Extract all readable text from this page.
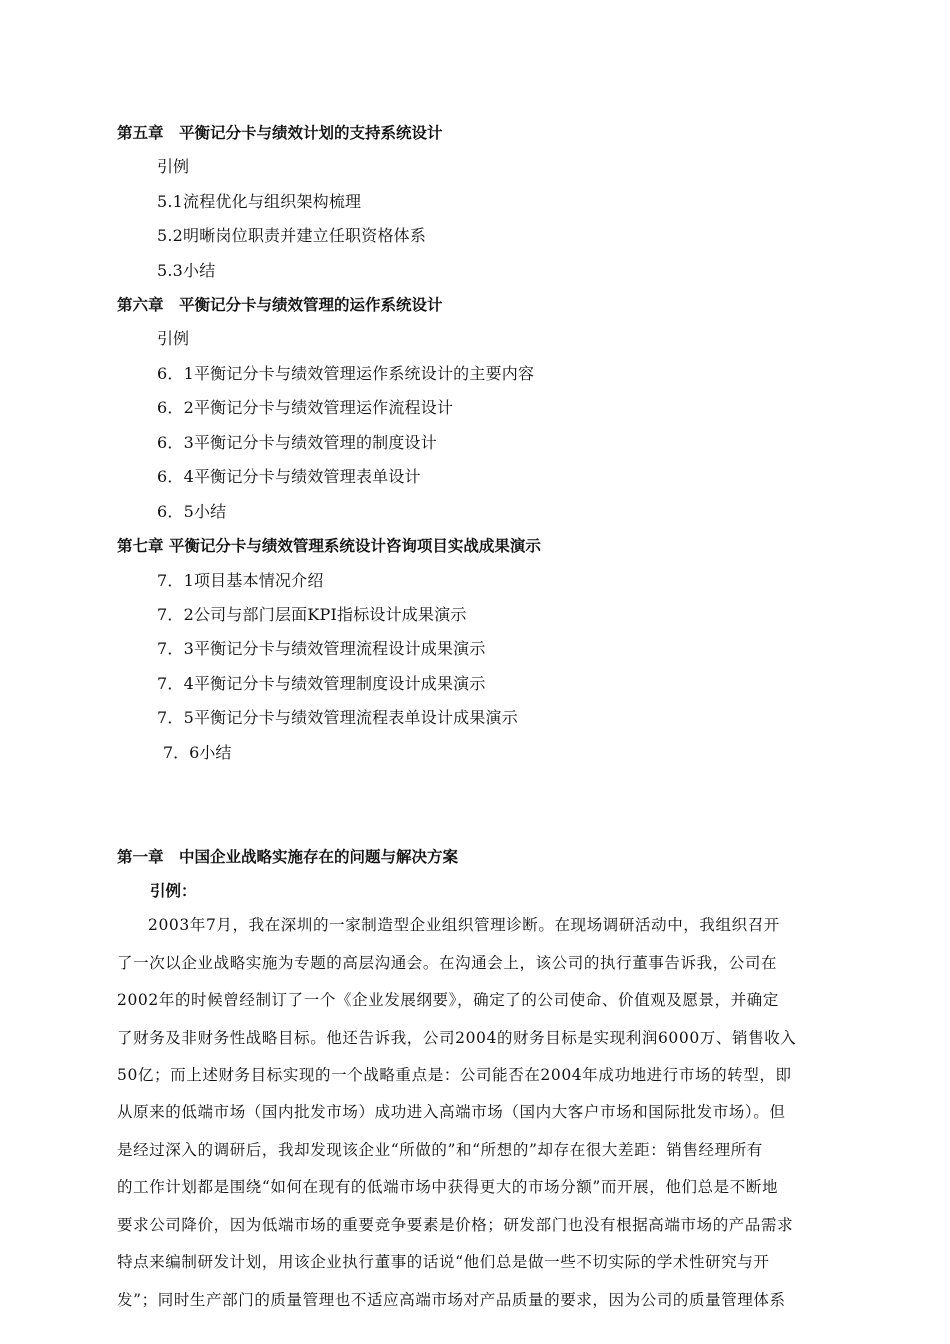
第五章　平衡记分卡与绩效计划的支持系统设计
引例
5.1流程优化与组织架构梳理
5.2明晰岗位职责并建立任职资格体系
5.3小结
第六章　平衡记分卡与绩效管理的运作系统设计
引例
6．1平衡记分卡与绩效管理运作系统设计的主要内容
6．2平衡记分卡与绩效管理运作流程设计
6．3平衡记分卡与绩效管理的制度设计
6．4平衡记分卡与绩效管理表单设计
6．5小结
第七章 平衡记分卡与绩效管理系统设计咨询项目实战成果演示
7．1项目基本情况介绍
7．2公司与部门层面KPI指标设计成果演示
7．3平衡记分卡与绩效管理流程设计成果演示
7．4平衡记分卡与绩效管理制度设计成果演示
7．5平衡记分卡与绩效管理流程表单设计成果演示
7．6小结
第一章　中国企业战略实施存在的问题与解决方案
引例：
2003年7月，我在深圳的一家制造型企业组织管理诊断。在现场调研活动中，我组织召开
了一次以企业战略实施为专题的高层沟通会。在沟通会上，该公司的执行董事告诉我，公司在
2002年的时候曾经制订了一个《企业发展纲要》，确定了的公司使命、价值观及愿景，并确定
了财务及非财务性战略目标。他还告诉我，公司2004的财务目标是实现利润6000万、销售收入
50亿；而上述财务目标实现的一个战略重点是：公司能否在2004年成功地进行市场的转型，即
从原来的低端市场（国内批发市场）成功进入高端市场（国内大客户市场和国际批发市场）。但
是经过深入的调研后，我却发现该企业“所做的”和“所想的”却存在很大差距：销售经理所有
的工作计划都是围绕“如何在现有的低端市场中获得更大的市场分额”而开展，他们总是不断地
要求公司降价，因为低端市场的重要竞争要素是价格；研发部门也没有根据高端市场的产品需求
特点来编制研发计划，用该企业执行董事的话说“他们总是做一些不切实际的学术性研究与开
发”；同时生产部门的质量管理也不适应高端市场对产品质量的要求，因为公司的质量管理体系
